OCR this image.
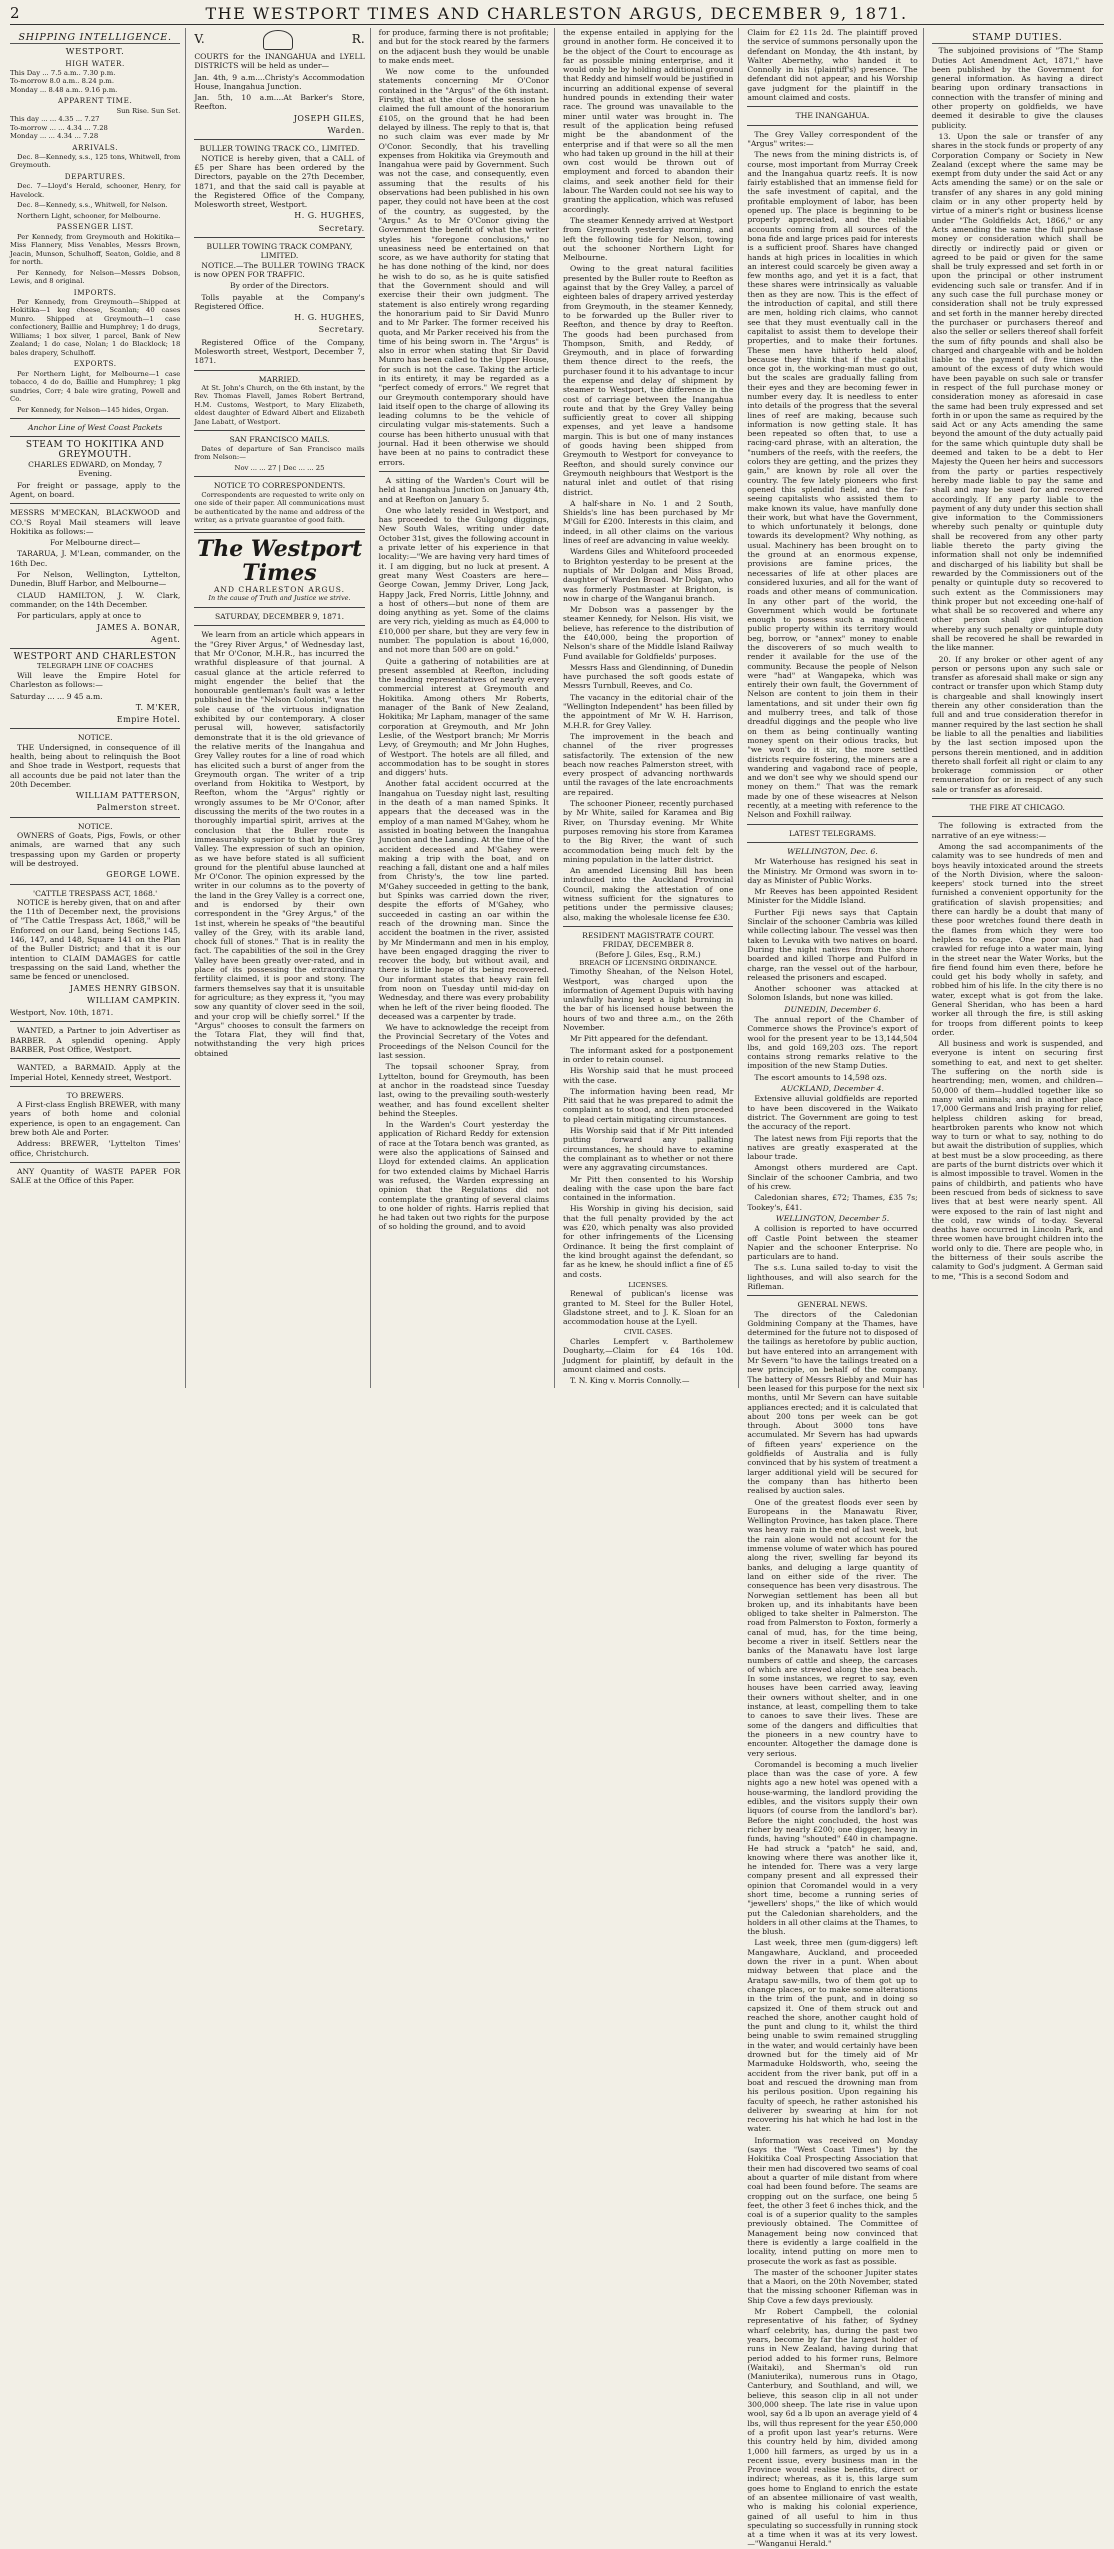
2	THE WESTPORT TIMES AND CHARLESTON ARGUS, DECEMBER 9, 1871.
SHIPPING INTELLIGENCE.
WESTPORT.
HIGH WATER.
This Day ... 7.5 a.m.. 7.30 p.m.
To-morrow 8.0 a.m.. 8.24 p.m.
Monday ... 8.48 a.m.. 9.16 p.m.
APPARENT TIME.
Sun Rise. Sun Set.
This day ... ... 4.35 ... 7.27
To-morrow ... ... 4.34 ... 7.28
Monday ... ... 4.34 ... 7.28
ARRIVALS.

Dec. 8—Kennedy, s.s., 125 tons, Whitwell, from Greymouth.

DEPARTURES.

Dec. 7—Lloyd's Herald, schooner, Henry, for Havelock.

Dec. 8—Kennedy, s.s., Whitwell, for Nelson.

Northern Light, schooner, for Melbourne.

PASSENGER LIST.

Per Kennedy, from Greymouth and Hokitika—Miss Flannery, Miss Venables, Messrs Brown, Jeacin, Munson, Schulhoff, Seaton, Goldie, and 8 for north.

Per Kennedy, for Nelson—Messrs Dobson, Lewis, and 8 original.

IMPORTS.

Per Kennedy, from Greymouth—Shipped at Hokitika—1 keg cheese, Scanlan; 40 cases Munro. Shipped at Greymouth—1 case confectionery, Baillie and Humphrey; 1 do drugs, Williams; 1 box silver, 1 parcel, Bank of New Zealand; 1 do case, Nolan; 1 do Blacklock; 18 bales drapery, Schulhoff.

EXPORTS.

Per Northern Light, for Melbourne—1 case tobacco, 4 do do, Baillie and Humphrey; 1 pkg sundries, Corr; 4 bale wire grating, Powell and Co.

Per Kennedy, for Nelson—145 hides, Organ.

Anchor Line of West Coast Packets
STEAM TO HOKITIKA AND GREYMOUTH.

CHARLES EDWARD, on Monday, 7 Evening.

For freight or passage, apply to the Agent, on board.

MESSRS M'MECKAN, BLACKWOOD and CO.'S Royal Mail steamers will leave Hokitika as follows:—

For Melbourne direct—

TARARUA, J. M'Lean, commander, on the 16th Dec.

For Nelson, Wellington, Lyttelton, Dunedin, Bluff Harbor, and Melbourne—

CLAUD HAMILTON, J. W. Clark, commander, on the 14th December.

For particulars, apply at once to

JAMES A. BONAR,
Agent.
WESTPORT AND CHARLESTON
TELEGRAPH LINE OF COACHES

Will leave the Empire Hotel for Charleston as follows:—

Saturday ... ... 9 45 a.m.

T. M'KER,
Empire Hotel.
NOTICE.

THE Undersigned, in consequence of ill health, being about to relinquish the Boot and Shoe trade in Westport, requests that all accounts due be paid not later than the 20th December.

WILLIAM PATTERSON,
Palmerston street.
NOTICE.

OWNERS of Goats, Pigs, Fowls, or other animals, are warned that any such trespassing upon my Garden or property will be destroyed.

GEORGE LOWE.
'CATTLE TRESPASS ACT, 1868.'

NOTICE is hereby given, that on and after the 11th of December next, the provisions of "The Cattle Trespass Act, 1868," will be Enforced on our Land, being Sections 145, 146, 147, and 148, Square 141 on the Plan of the Buller District; and that it is our intention to CLAIM DAMAGES for cattle trespassing on the said Land, whether the same be fenced or unenclosed.

JAMES HENRY GIBSON.
WILLIAM CAMPKIN.

Westport, Nov. 10th, 1871.

WANTED, a Partner to join Advertiser as BARBER. A splendid opening. Apply BARBER, Post Office, Westport.

WANTED, a BARMAID. Apply at the Imperial Hotel, Kennedy street, Westport.

TO BREWERS.

A First-class English BREWER, with many years of both home and colonial experience, is open to an engagement. Can brew both Ale and Porter.

Address: BREWER, 'Lyttelton Times' office, Christchurch.

ANY Quantity of WASTE PAPER FOR SALE at the Office of this Paper.

V.	R.

COURTS for the INANGAHUA and LYELL DISTRICTS will be held as under—

Jan. 4th, 9 a.m....Christy's Accommodation House, Inangahua Junction.

Jan. 5th, 10 a.m....At Barker's Store, Reefton.

JOSEPH GILES,
Warden.
BULLER TOWING TRACK CO., LIMITED.

NOTICE is hereby given, that a CALL of £5 per Share has been ordered by the Directors, payable on the 27th December, 1871, and that the said call is payable at the Registered Office of the Company, Molesworth street, Westport.

H. G. HUGHES,
Secretary.
BULLER TOWING TRACK COMPANY, LIMITED.

NOTICE.—The BULLER TOWING TRACK is now OPEN FOR TRAFFIC.

By order of the Directors.

Tolls payable at the Company's Registered Office.

H. G. HUGHES,
Secretary.

Registered Office of the Company, Molesworth street, Westport, December 7, 1871.

MARRIED.

At St. John's Church, on the 6th instant, by the Rev. Thomas Flavell, James Robert Bertrand, H.M. Customs, Westport, to Mary Elizabeth, eldest daughter of Edward Albert and Elizabeth Jane Labatt, of Westport.

SAN FRANCISCO MAILS.

Dates of departure of San Francisco mails from Nelson:—

Nov ... ... 27 | Dec ... ... 25

NOTICE TO CORRESPONDENTS.

Correspondents are requested to write only on one side of their paper. All communications must be authenticated by the name and address of the writer, as a private guarantee of good faith.

The Westport Times
AND CHARLESTON ARGUS.
In the cause of Truth and Justice we strive.
SATURDAY, DECEMBER 9, 1871.

We learn from an article which appears in the "Grey River Argus," of Wednesday last, that Mr O'Conor, M.H.R., has incurred the wrathful displeasure of that journal. A casual glance at the article referred to might engender the belief that the honourable gentleman's fault was a letter published in the "Nelson Colonist," was the sole cause of the virtuous indignation exhibited by our contemporary. A closer perusal will, however, satisfactorily demonstrate that it is the old grievance of the relative merits of the Inangahua and Grey Valley routes for a line of road which has elicited such a burst of anger from the Greymouth organ. The writer of a trip overland from Hokitika to Westport, by Reefton, whom the "Argus" rightly or wrongly assumes to be Mr O'Conor, after discussing the merits of the two routes in a thoroughly impartial spirit, arrives at the conclusion that the Buller route is immeasurably superior to that by the Grey Valley. The expression of such an opinion, as we have before stated is all sufficient ground for the plentiful abuse launched at Mr O'Conor. The opinion expressed by the writer in our columns as to the poverty of the land in the Grey Valley is a correct one, and is endorsed by their own correspondent in the "Grey Argus," of the 1st inst, wherein he speaks of "the beautiful valley of the Grey, with its arable land, chock full of stones." That is in reality the fact. The capabilities of the soil in the Grey Valley have been greatly over-rated, and in place of its possessing the extraordinary fertility claimed, it is poor and stony. The farmers themselves say that it is unsuitable for agriculture; as they express it, "you may sow any quantity of clover seed in the soil, and your crop will be chiefly sorrel." If the "Argus" chooses to consult the farmers on the Totara Flat, they will find that, notwithstanding the very high prices obtained

for produce, farming there is not profitable; and but for the stock reared by the farmers on the adjacent bush they would be unable to make ends meet.

We now come to the unfounded statements concerning Mr O'Conor contained in the "Argus" of the 6th instant. Firstly, that at the close of the session he claimed the full amount of the honorarium £105, on the ground that he had been delayed by illness. The reply to that is, that no such claim was ever made by Mr O'Conor. Secondly, that his travelling expenses from Hokitika via Greymouth and Inangahua were paid by Government. Such was not the case, and consequently, even assuming that the results of his observations had been published in his own paper, they could not have been at the cost of the country, as suggested, by the "Argus." As to Mr O'Conor giving the Government the benefit of what the writer styles his "foregone conclusions," no uneasiness need be entertained on that score, as we have authority for stating that he has done nothing of the kind, nor does he wish to do so, as he is quite satisfied that the Government should and will exercise their their own judgment. The statement is also entirely wrong regarding the honorarium paid to Sir David Munro and to Mr Parker. The former received his quota, and Mr Parker received his from the time of his being sworn in. The "Argus" is also in error when stating that Sir David Munro has been called to the Upper House, for such is not the case. Taking the article in its entirety, it may be regarded as a "perfect comedy of errors." We regret that our Greymouth contemporary should have laid itself open to the charge of allowing its leading columns to be the vehicle of circulating vulgar mis-statements. Such a course has been hitherto unusual with that journal. Had it been otherwise we should have been at no pains to contradict these errors.

A sitting of the Warden's Court will be held at Inangahua Junction on January 4th, and at Reefton on January 5.

One who lately resided in Westport, and has proceeded to the Gulgong diggings, New South Wales, writing under date October 31st, gives the following account in a private letter of his experience in that locality:—"We are having very hard times of it. I am digging, but no luck at present. A great many West Coasters are here—George Cowan, Jemmy Driver, Long Jack, Happy Jack, Fred Norris, Little Johnny, and a host of others—but none of them are doing anything as yet. Some of the claims are very rich, yielding as much as £4,000 to £10,000 per share, but they are very few in number. The population is about 16,000, and not more than 500 are on gold."

Quite a gathering of notabilities are at present assembled at Reefton, including the leading representatives of nearly every commercial interest at Greymouth and Hokitika. Among others Mr Roberts, manager of the Bank of New Zealand, Hokitika; Mr Lapham, manager of the same corporation at Greymouth, and Mr John Leslie, of the Westport branch; Mr Morris Levy, of Greymouth; and Mr John Hughes, of Westport. The hotels are all filled, and accommodation has to be sought in stores and diggers' huts.

Another fatal accident occurred at the Inangahua on Tuesday night last, resulting in the death of a man named Spinks. It appears that the deceased was in the employ of a man named M'Gahey, whom he assisted in boating between the Inangahua Junction and the Landing. At the time of the accident deceased and M'Gahey were making a trip with the boat, and on reaching a fall, distant one and a half miles from Christy's, the tow line parted. M'Gahey succeeded in getting to the bank, but Spinks was carried down the river, despite the efforts of M'Gahey, who succeeded in casting an oar within the reach of the drowning man. Since the accident the boatmen in the river, assisted by Mr Mindermann and men in his employ, have been engaged dragging the river to recover the body, but without avail, and there is little hope of its being recovered. Our informant states that heavy rain fell from noon on Tuesday until mid-day on Wednesday, and there was every probability when he left of the river being flooded. The deceased was a carpenter by trade.

We have to acknowledge the receipt from the Provincial Secretary of the Votes and Proceedings of the Nelson Council for the last session.

The topsail schooner Spray, from Lyttelton, bound for Greymouth, has been at anchor in the roadstead since Tuesday last, owing to the prevailing south-westerly weather, and has found excellent shelter behind the Steeples.

In the Warden's Court yesterday the application of Richard Reddy for extension of race at the Totara bench was granted, as were also the applications of Sainsed and Lloyd for extended claims. An application for two extended claims by Michael Harris was refused, the Warden expressing an opinion that the Regulations did not contemplate the granting of several claims to one holder of rights. Harris replied that he had taken out two rights for the purpose of so holding the ground, and to avoid

the expense entailed in applying for the ground in another form. He conceived it to be the object of the Court to encourage as far as possible mining enterprise, and it would only be by holding additional ground that Reddy and himself would be justified in incurring an additional expense of several hundred pounds in extending their water race. The ground was unavailable to the miner until water was brought in. The result of the application being refused might be the abandonment of the enterprise and if that were so all the men who had taken up ground in the hill at their own cost would be thrown out of employment and forced to abandon their claims, and seek another field for their labour. The Warden could not see his way to granting the application, which was refused accordingly.

The steamer Kennedy arrived at Westport from Greymouth yesterday morning, and left the following tide for Nelson, towing out the schooner Northern Light for Melbourne.

Owing to the great natural facilities presented by the Buller route to Reefton as against that by the Grey Valley, a parcel of eighteen bales of drapery arrived yesterday from Greymouth, in the steamer Kennedy, to be forwarded up the Buller river to Reefton, and thence by dray to Reefton. The goods had been purchased from Thompson, Smith, and Reddy, of Greymouth, and in place of forwarding them thence direct to the reefs, the purchaser found it to his advantage to incur the expense and delay of shipment by steamer to Westport, the difference in the cost of carriage between the Inangahua route and that by the Grey Valley being sufficiently great to cover all shipping expenses, and yet leave a handsome margin. This is but one of many instances of goods having been shipped from Greymouth to Westport for conveyance to Reefton, and should surely convince our Greymouth neighbours that Westport is the natural inlet and outlet of that rising district.

A half-share in No. 1 and 2 South, Shields's line has been purchased by Mr M'Gill for £200. Interests in this claim, and indeed, in all other claims on the various lines of reef are advancing in value weekly.

Wardens Giles and Whitefoord proceeded to Brighton yesterday to be present at the nuptials of Mr Dolgan and Miss Broad, daughter of Warden Broad. Mr Dolgan, who was formerly Postmaster at Brighton, is now in charge of the Wanganui branch.

Mr Dobson was a passenger by the steamer Kennedy, for Nelson. His visit, we believe, has reference to the distribution of the £40,000, being the proportion of Nelson's share of the Middle Island Railway Fund available for Goldfields' purposes.

Messrs Hass and Glendinning, of Dunedin have purchased the soft goods estate of Messrs Turnbull, Reeves, and Co.

The vacancy in the editorial chair of the "Wellington Independent" has been filled by the appointment of Mr W. H. Harrison, M.H.R. for Grey Valley.

The improvement in the beach and channel of the river progresses satisfactorily. The extension of the new beach now reaches Palmerston street, with every prospect of advancing northwards until the ravages of the late encroachments are repaired.

The schooner Pioneer, recently purchased by Mr White, sailed for Karamea and Big River, on Thursday evening. Mr White purposes removing his store from Karamea to the Big River, the want of such accommodation being much felt by the mining population in the latter district.

An amended Licensing Bill has been introduced into the Auckland Provincial Council, making the attestation of one witness sufficient for the signatures to petitions under the permissive clauses; also, making the wholesale license fee £30.

RESIDENT MAGISTRATE COURT.
FRIDAY, DECEMBER 8.
(Before J. Giles, Esq., R.M.)
BREACH OF LICENSING ORDINANCE.

Timothy Sheahan, of the Nelson Hotel, Westport, was charged upon the information of Agement Dupuis with having unlawfully having kept a light burning in the bar of his licensed house between the hours of two and three a.m., on the 26th November.

Mr Pitt appeared for the defendant.

The informant asked for a postponement in order to retain counsel.

His Worship said that he must proceed with the case.

The information having been read, Mr Pitt said that he was prepared to admit the complaint as to stood, and then proceeded to plead certain mitigating circumstances.

His Worship said that if Mr Pitt intended putting forward any palliating circumstances, he should have to examine the complainant as to whether or not there were any aggravating circumstances.

Mr Pitt then consented to his Worship dealing with the case upon the bare fact contained in the information.

His Worship in giving his decision, said that the full penalty provided by the act was £20, which penalty was also provided for other infringements of the Licensing Ordinance. It being the first complaint of the kind brought against the defendant, so far as he knew, he should inflict a fine of £5 and costs.

LICENSES.

Renewal of publican's license was granted to M. Steel for the Buller Hotel, Gladstone street, and to J. K. Sloan for an accommodation house at the Lyell.

CIVIL CASES.

Charles Lempfert v. Bartholemew Dougharty,—Claim for £4 16s 10d. Judgment for plaintiff, by default in the amount claimed and costs.

T. N. King v. Morris Connolly.—

Claim for £2 11s 2d. The plaintiff proved the service of summons personally upon the defendant on Monday, the 4th instant, by Walter Abernethy, who handed it to Connolly in his (plaintiff's) presence. The defendant did not appear, and his Worship gave judgment for the plaintiff in the amount claimed and costs.

THE INANGAHUA.

The Grey Valley correspondent of the "Argus" writes:—

The news from the mining districts is, of course, most important from Murray Creek and the Inangahua quartz reefs. It is now fairly established that an immense field for the safe investment of capital, and the profitable employment of labor, has been opened up. The place is beginning to be properly appreciated, and the reliable accounts coming from all sources of the bona fide and large prices paid for interests is a sufficient proof. Shares have changed hands at high prices in localities in which an interest could scarcely be given away a few months ago, and yet it is a fact, that these shares were intrinsically as valuable then as they are now. This is the effect of the introduction of capital, and still there are men, holding rich claims, who cannot see that they must eventually call in the capitalist to assist them to develope their properties, and to make their fortunes. These men have hitherto held aloof, because they think that if the capitalist once got in, the working-man must go out, but the scales are gradually falling from their eyes and they are becoming fewer in number every day. It is needless to enter into details of the progress that the several lines of reef are making, because such information is now getting stale. It has been repeated so often that, to use a racing-card phrase, with an alteration, the "numbers of the reefs, with the reefers, the colors they are getting, and the prizes they gain," are known by role all over the country. The few lately pioneers who first opened this splendid field, and the far-seeing capitalists who assisted them to make known its value, have manfully done their work, but what have the Government, to which unfortunately it belongs, done towards its development? Why nothing, as usual. Machinery has been brought on to the ground at an enormous expense, provisions are famine prices, the necessaries of life at other places are considered luxuries, and all for the want of roads and other means of communication. In any other part of the world, the Government which would be fortunate enough to possess such a magnificent public property within its territory would beg, borrow, or "annex" money to enable the discoverers of so much wealth to render it available for the use of the community. Because the people of Nelson were "had" at Wangapeka, which was entirely their own fault, the Government of Nelson are content to join them in their lamentations, and sit under their own fig and mulberry trees, and talk of those dreadful diggings and the people who live on them as being continually wanting money spent on their odious tracks, but "we won't do it sir, the more settled districts require fostering, the miners are a wandering and vagabond race of people, and we don't see why we should spend our money on them." That was the remark made by one of these wiseacres at Nelson recently, at a meeting with reference to the Nelson and Foxhill railway.

LATEST TELEGRAMS.
WELLINGTON, Dec. 6.

Mr Waterhouse has resigned his seat in the Ministry. Mr Ormond was sworn in to-day as Minister of Public Works.

Mr Reeves has been appointed Resident Minister for the Middle Island.

Further Fiji news says that Captain Sinclair of the schooner Cambria was killed while collecting labour. The vessel was then taken to Levuka with two natives on board. During the night natives from the shore boarded and killed Thorpe and Pulford in charge, ran the vessel out of the harbour, released the prisoners and escaped.

Another schooner was attacked at Solomon Islands, but none was killed.

DUNEDIN, December 6.

The annual report of the Chamber of Commerce shows the Province's export of wool for the present year to be 13,144,504 lbs, and gold 169,203 ozs. The report contains strong remarks relative to the imposition of the new Stamp Duties.

The escort amounts to 14,598 ozs.

AUCKLAND, December 4.

Extensive alluvial goldfields are reported to have been discovered in the Waikato district. The Government are going to test the accuracy of the report.

The latest news from Fiji reports that the natives are greatly exasperated at the labour trade.

Amongst others murdered are Capt. Sinclair of the schooner Cambria, and two of his crew.

Caledonian shares, £72; Thames, £35 7s; Tookey's, £41.

WELLINGTON, December 5.

A collision is reported to have occurred off Castle Point between the steamer Napier and the schooner Enterprise. No particulars are to hand.

The s.s. Luna sailed to-day to visit the lighthouses, and will also search for the Rifleman.

GENERAL NEWS.

The directors of the Caledonian Goldmining Company at the Thames, have determined for the future not to disposed of the tailings as heretofore by public auction, but have entered into an arrangement with Mr Severn "to have the tailings treated on a new principle, on behalf of the company. The battery of Messrs Riebby and Muir has been leased for this purpose for the next six months, until Mr Severn can have suitable appliances erected; and it is calculated that about 200 tons per week can be got through. About 3000 tons have accumulated. Mr Severn has had upwards of fifteen years' experience on the goldfields of Australia and is fully convinced that by his system of treatment a larger additional yield will be secured for the company than has hitherto been realised by auction sales.

One of the greatest floods ever seen by Europeans in the Manawatu River, Wellington Province, has taken place. There was heavy rain in the end of last week, but the rain alone would not account for the immense volume of water which has poured along the river, swelling far beyond its banks, and deluging a large quantity of land on either side of the river. The consequence has been very disastrous. The Norwegian settlement has been all but broken up, and its inhabitants have been obliged to take shelter in Palmerston. The road from Palmerston to Foxton, formerly a canal of mud, has, for the time being, become a river in itself. Settlers near the banks of the Manawatu have lost large numbers of cattle and sheep, the carcases of which are strewed along the sea beach. In some instances, we regret to say, even houses have been carried away, leaving their owners without shelter, and in one instance, at least, compelling them to take to canoes to save their lives. These are some of the dangers and difficulties that the pioneers in a new country have to encounter. Altogether the damage done is very serious.

Coromandel is becoming a much livelier place than was the case of yore. A few nights ago a new hotel was opened with a house-warming, the landlord providing the edibles, and the visitors supply their own liquors (of course from the landlord's bar). Before the night concluded, the host was richer by nearly £200; one digger, heavy in funds, having "shouted" £40 in champagne. He had struck a "patch" he said, and, knowing where there was another like it, he intended for. There was a very large company present and all expressed their opinion that Coromandel would in a very short time, become a running series of "jewellers' shops," the like of which would put the Caledonian shareholders, and the holders in all other claims at the Thames, to the blush.

Last week, three men (gum-diggers) left Mangawhare, Auckland, and proceeded down the river in a punt. When about midway between that place and the Aratapu saw-mills, two of them got up to change places, or to make some alterations in the trim of the punt, and in doing so capsized it. One of them struck out and reached the shore, another caught hold of the punt and clung to it, whilst the third being unable to swim remained struggling in the water, and would certainly have been drowned but for the timely aid of Mr Marmaduke Holdsworth, who, seeing the accident from the river bank, put off in a boat and rescued the drowning man from his perilous position. Upon regaining his faculty of speech, he rather astonished his deliverer by swearing at him for not recovering his hat which he had lost in the water.

Information was received on Monday (says the "West Coast Times") by the Hokitika Coal Prospecting Association that their men had discovered two seams of coal about a quarter of mile distant from where coal had been found before. The seams are cropping out on the surface, one being 5 feet, the other 3 feet 6 inches thick, and the coal is of a superior quality to the samples previously obtained. The Committee of Management being now convinced that there is evidently a large coalfield in the locality, intend putting on more men to prosecute the work as fast as possible.

The master of the schooner Jupiter states that a Maori, on the 20th November, stated that the missing schooner Rifleman was in Ship Cove a few days previously.

Mr Robert Campbell, the colonial representative of his father, of Sydney wharf celebrity, has, during the past two years, become by far the largest holder of runs in New Zealand, having during that period added to his former runs, Belmore (Waitaki), and Sherman's old run (Maniuterika), numerous runs in Otago, Canterbury, and Southland, and will, we believe, this season clip in all not under 300,000 sheep. The late rise in value upon wool, say 6d a lb upon an average yield of 4 lbs, will thus represent for the year £50,000 of a profit upon last year's returns. Were this country held by him, divided among 1,000 hill farmers, as urged by us in a recent issue, every business man in the Province would realise benefits, direct or indirect; whereas, as it is, this large sum goes home to England to enrich the estate of an absentee millionaire of vast wealth, who is making his colonial experience, gained of all useful to him in thus speculating so successfully in running stock at a time when it was at its very lowest.—"Wanganui Herald."

STAMP DUTIES.

The subjoined provisions of "The Stamp Duties Act Amendment Act, 1871," have been published by the Government for general information. As having a direct bearing upon ordinary transactions in connection with the transfer of mining and other property on goldfields, we have deemed it desirable to give the clauses publicity.

13. Upon the sale or transfer of any shares in the stock funds or property of any Corporation Company or Society in New Zealand (except where the same may be exempt from duty under the said Act or any Acts amending the same) or on the sale or transfer of any shares in any gold mining claim or in any other property held by virtue of a miner's right or business license under "The Goldfields Act, 1866," or any Acts amending the same the full purchase money or consideration which shall be directly or indirectly paid or given or agreed to be paid or given for the same shall be truly expressed and set forth in or upon the principal or other instrument evidencing such sale or transfer. And if in any such case the full purchase money or consideration shall not be truly expressed and set forth in the manner hereby directed the purchaser or purchasers thereof and also the seller or sellers thereof shall forfeit the sum of fifty pounds and shall also be charged and chargeable with and be holden liable to the payment of five times the amount of the excess of duty which would have been payable on such sale or transfer in respect of the full purchase money or consideration money as aforesaid in case the same had been truly expressed and set forth in or upon the same as required by the said Act or any Acts amending the same beyond the amount of the duty actually paid for the same which quintuple duty shall be deemed and taken to be a debt to Her Majesty the Queen her heirs and successors from the party or parties respectively hereby made liable to pay the same and shall and may be sued for and recovered accordingly. If any party liable to the payment of any duty under this section shall give information to the Commissioners whereby such penalty or quintuple duty shall be recovered from any other party liable thereto the party giving the information shall not only be indemnified and discharged of his liability but shall be rewarded by the Commissioners out of the penalty or quintuple duty so recovered to such extent as the Commissioners may think proper but not exceeding one-half of what shall be so recovered and where any other person shall give information whereby any such penalty or quintuple duty shall be recovered he shall be rewarded in the like manner.

20. If any broker or other agent of any person or persons upon any such sale or transfer as aforesaid shall make or sign any contract or transfer upon which Stamp duty is chargeable and shall knowingly insert therein any other consideration than the full and and true consideration therefor in manner required by the last section he shall be liable to all the penalties and liabilities by the last section imposed upon the persons therein mentioned, and in addition thereto shall forfeit all right or claim to any brokerage commission or other remuneration for or in respect of any such sale or transfer as aforesaid.

THE FIRE AT CHICAGO.

The following is extracted from the narrative of an eye witness:—

Among the sad accompaniments of the calamity was to see hundreds of men and boys heavily intoxicated around the streets of the North Division, where the saloon-keepers' stock turned into the street furnished a convenient opportunity for the gratification of slavish propensities; and there can hardly be a doubt that many of these poor wretches found there death in the flames from which they were too helpless to escape. One poor man had crawled for refuge into a water main, lying in the street near the Water Works, but the fire fiend found him even there, before he could get his body wholly in safety, and robbed him of his life. In the city there is no water, except what is got from the lake. General Sheridan, who has been a hard worker all through the fire, is still asking for troops from different points to keep order.

All business and work is suspended, and everyone is intent on securing first something to eat, and next to get shelter. The suffering on the north side is heartrending; men, women, and children—50,000 of them—huddled together like so many wild animals; and in another place 17,000 Germans and Irish praying for relief, helpless children asking for bread, heartbroken parents who know not which way to turn or what to say, nothing to do but await the distribution of supplies, which at best must be a slow proceeding, as there are parts of the burnt districts over which it is almost impossible to travel. Women in the pains of childbirth, and patients who have been rescued from beds of sickness to save lives that at best were nearly spent. All were exposed to the rain of last night and the cold, raw winds of to-day. Several deaths have occurred in Lincoln Park, and three women have brought children into the world only to die. There are people who, in the bitterness of their souls ascribe the calamity to God's judgment. A German said to me, "This is a second Sodom and
